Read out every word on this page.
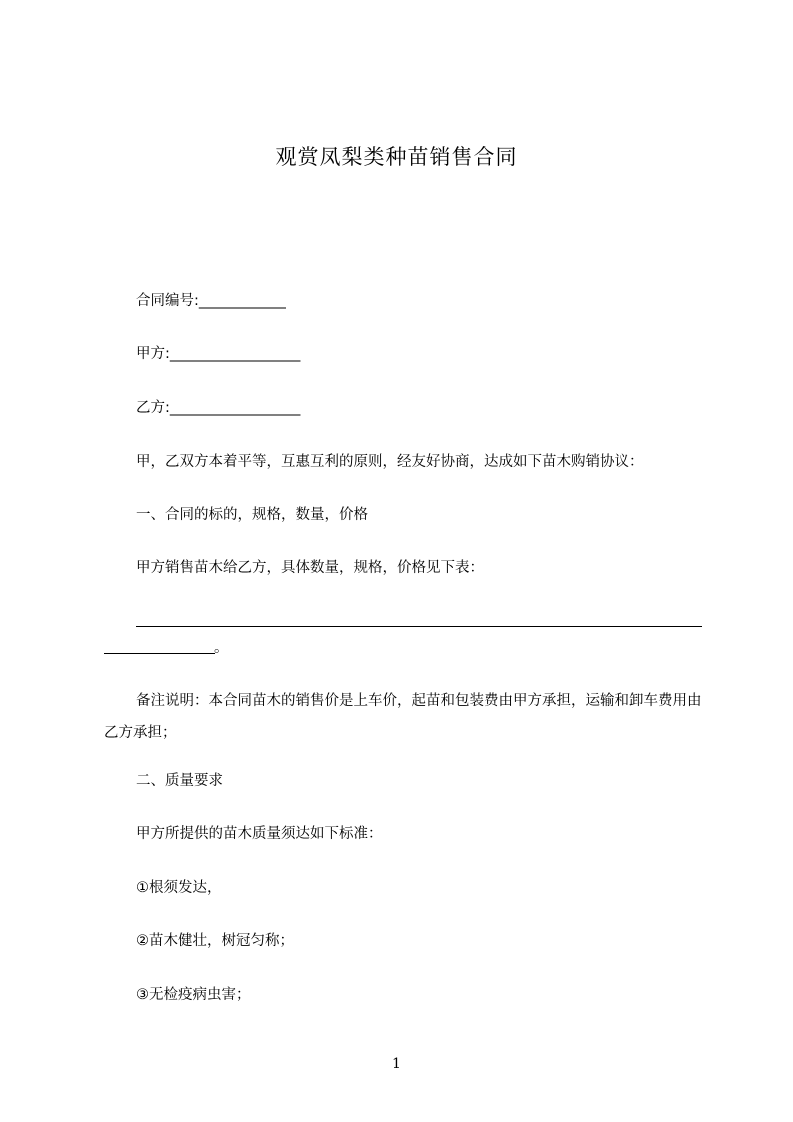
观赏凤梨类种苗销售合同
合同编号:____________
甲方:__________________
乙方:__________________
甲，乙双方本着平等，互惠互利的原则，经友好协商，达成如下苗木购销协议：
一、合同的标的，规格，数量，价格
甲方销售苗木给乙方，具体数量，规格，价格见下表：
。
备注说明：本合同苗木的销售价是上车价，起苗和包装费由甲方承担，运输和卸车费用由乙方承担；
二、质量要求
甲方所提供的苗木质量须达如下标准：
①根须发达，
②苗木健壮，树冠匀称；
③无检疫病虫害；
1
